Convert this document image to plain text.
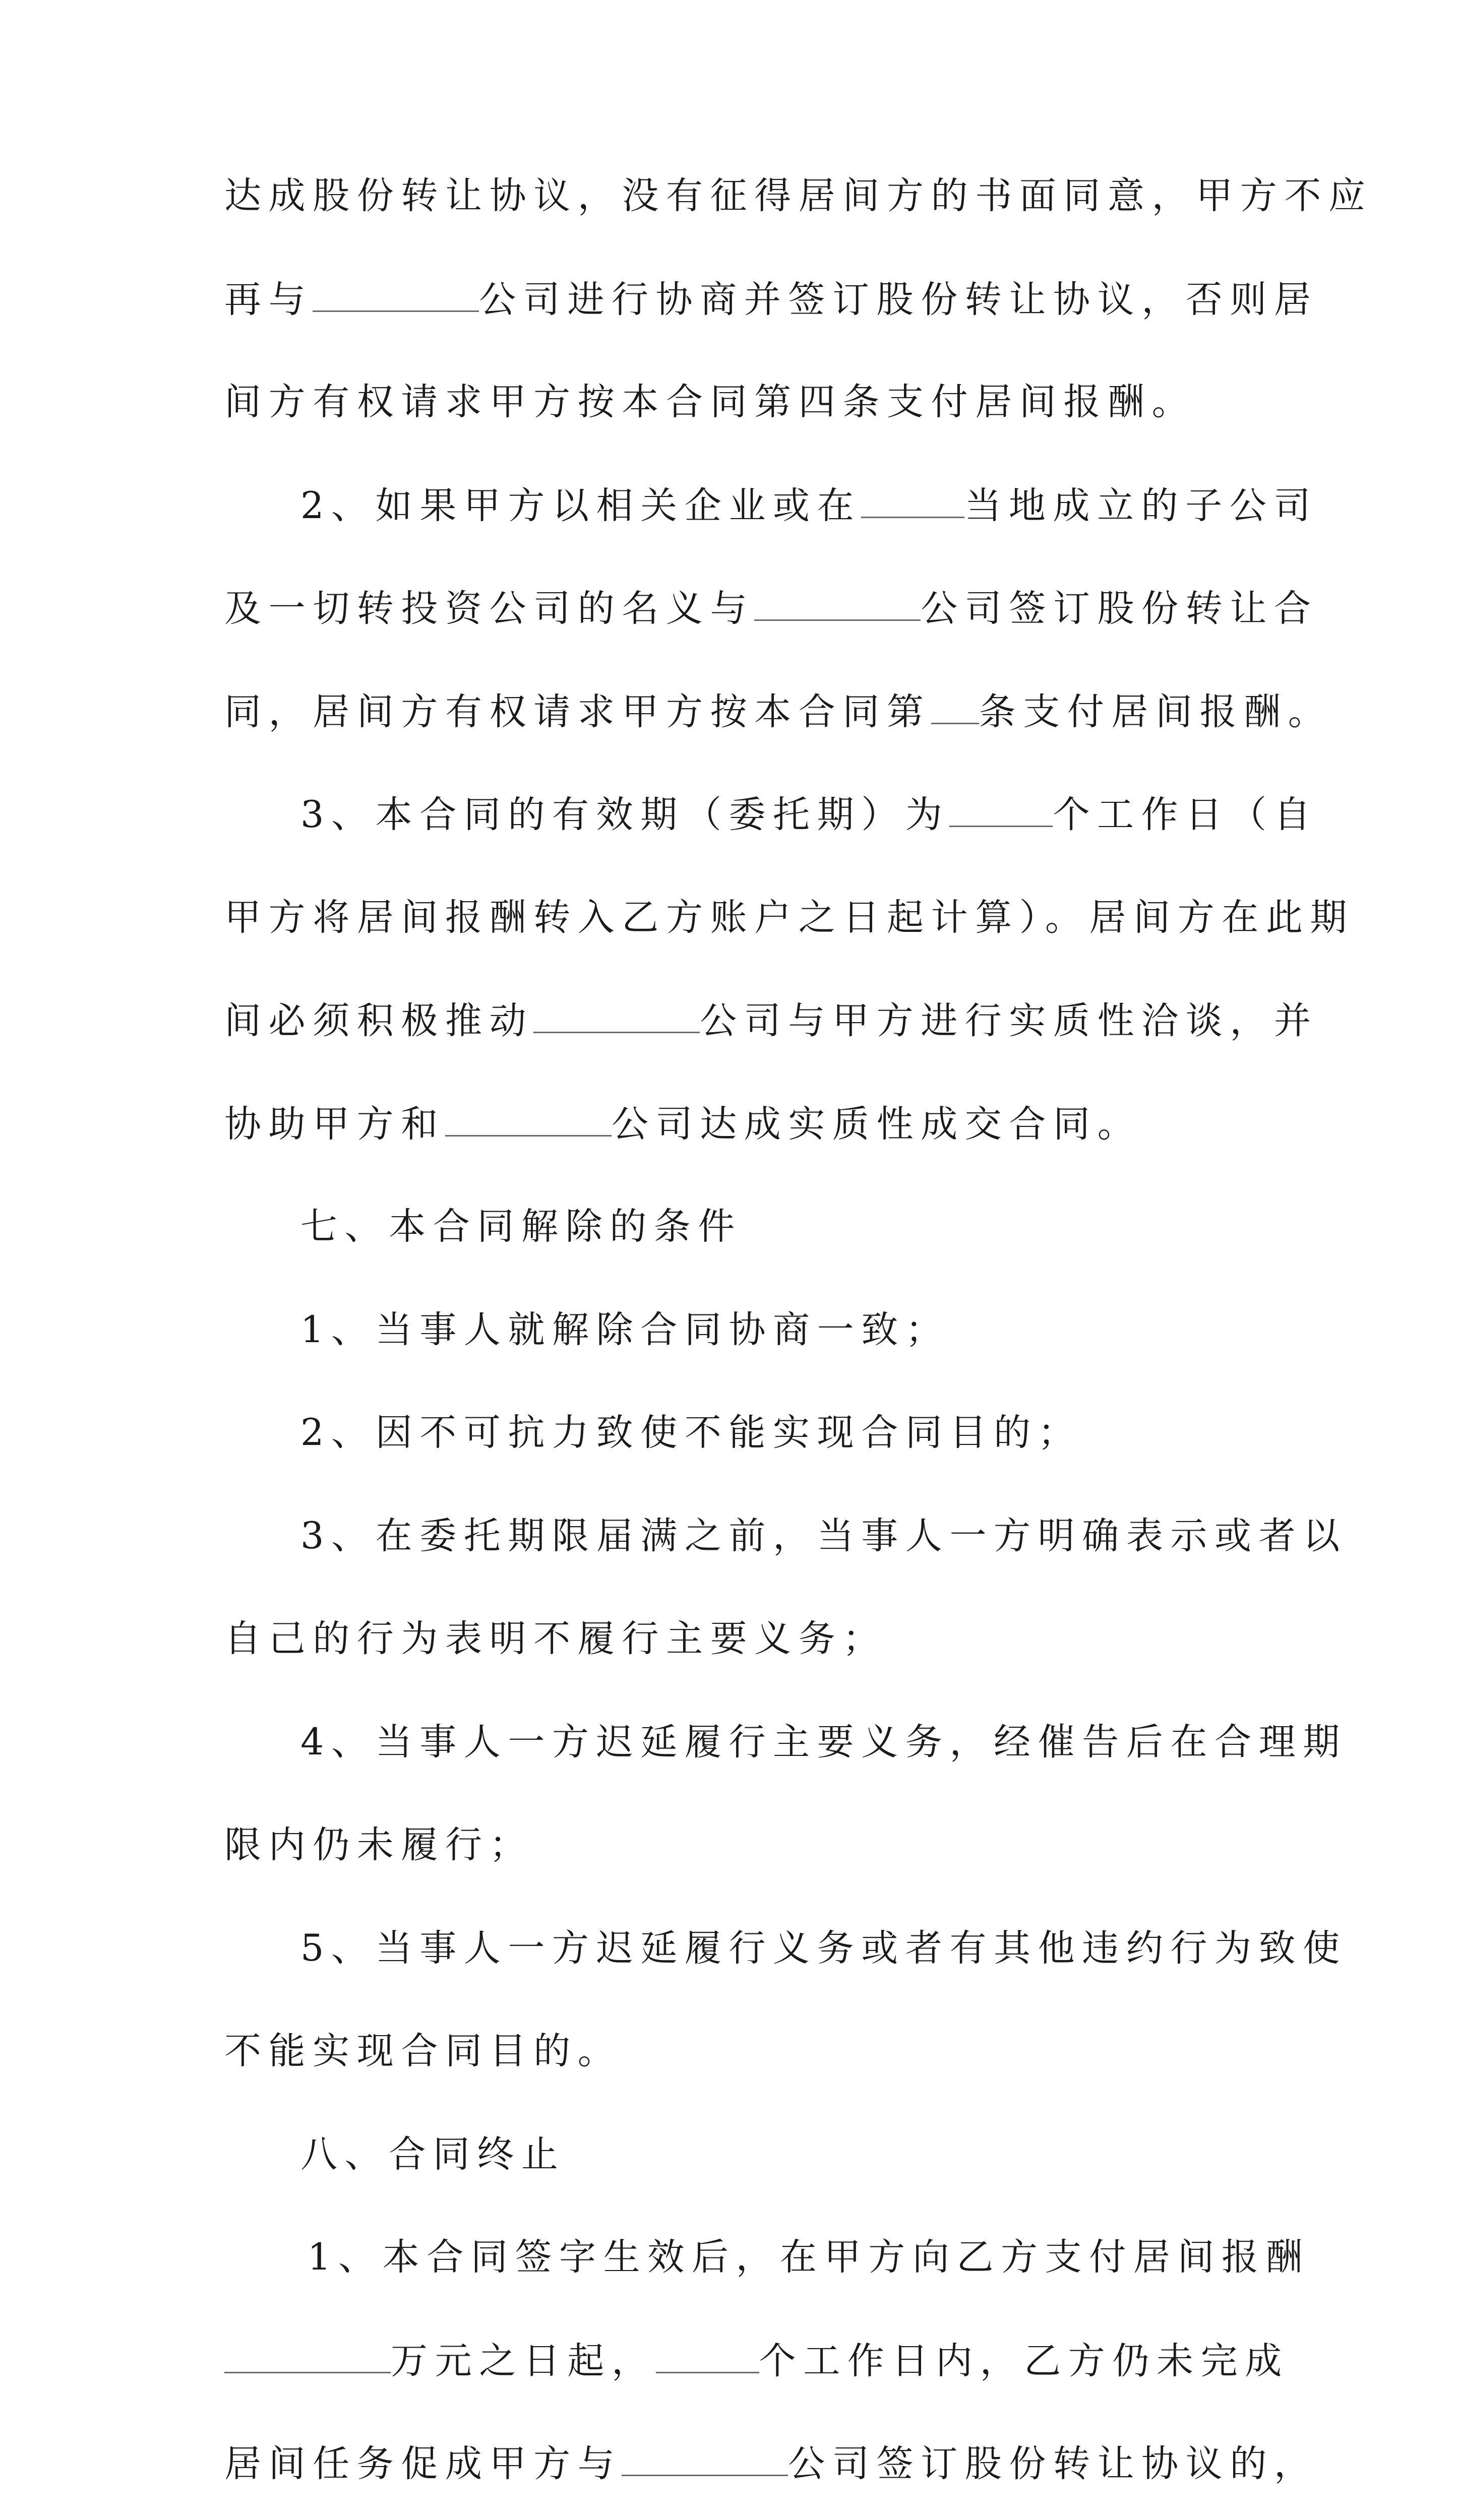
达成股份转让协议，没有征得居间方的书面同意，甲方不应
再与	公司进行协商并签订股份转让协议，否则居
间方有权请求甲方按本合同第四条支付居间报酬。
2、如果甲方以相关企业或在	当地成立的子公司
及一切转投资公司的名义与	公司签订股份转让合
同，居间方有权请求甲方按本合同第 条支付居间报酬。
3、本合同的有效期（委托期）为	个工作日（自
甲方将居间报酬转入乙方账户之日起计算）。居间方在此期
间必须积极推动	公司与甲方进行实质性洽谈，并
协助甲方和	公司达成实质性成交合同。
七、本合同解除的条件
1、当事人就解除合同协商一致；
2、因不可抗力致使不能实现合同目的；
3、在委托期限届满之前，当事人一方明确表示或者以
自己的行为表明不履行主要义务；
4、当事人一方迟延履行主要义务，经催告后在合理期
限内仍未履行；
5、当事人一方迟延履行义务或者有其他违约行为致使
不能实现合同目的。
八、合同终止
1、本合同签字生效后，在甲方向乙方支付居间报酬
万元之日起，	个工作日内，乙方仍未完成
居间任务促成甲方与	公司签订股份转让协议的，
